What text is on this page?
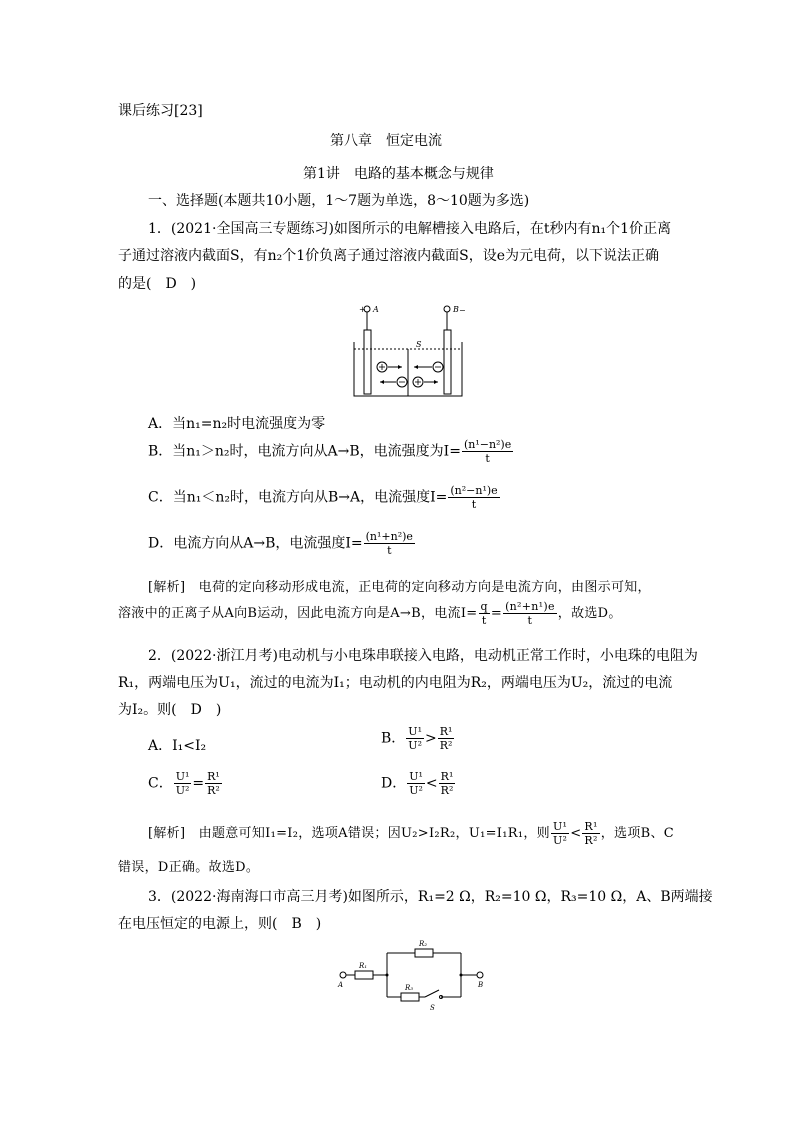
课后练习[23]
第八章　恒定电流
第1讲　电路的基本概念与规律
一、选择题(本题共10小题，1～7题为单选，8～10题为多选)
1．(2021·全国高三专题练习)如图所示的电解槽接入电路后，在t秒内有n₁个1价正离
子通过溶液内截面S，有n₂个1价负离子通过溶液内截面S，设e为元电荷，以下说法正确
的是(　D　)
+ A	B −
S
A．当n₁=n₂时电流强度为零
B．当n₁＞n₂时，电流方向从A→B，电流强度为$I= \frac{\text{(n¹−n²)e}}{t}$
C．当n₁＜n₂时，电流方向从B→A，电流强度$I= \frac{\text{(n²−n¹)e}}{t}$
D．电流方向从A→B，电流强度$I= \frac{\text{(n¹+n²)e}}{t}$
[解析]　电荷的定向移动形成电流，正电荷的定向移动方向是电流方向，由图示可知，
溶液中的正离子从A向B运动，因此电流方向是A→B，电流$I= \frac{q}{t} = \frac{\text{(n²+n¹)e}}{t}$ ，故选D。
2．(2022·浙江月考)电动机与小电珠串联接入电路，电动机正常工作时，小电珠的电阻为
R₁，两端电压为U₁，流过的电流为I₁；电动机的内电阻为R₂，两端电压为U₂，流过的电流
为I₂。则(　D　)
A．I₁<I₂	B． $\frac{\text{U¹}}{\text{U²}} > \frac{\text{R¹}}{\text{R²}}$
C． $\frac{\text{U¹}}{\text{U²}} = \frac{\text{R¹}}{\text{R²}}$	D． $\frac{\text{U¹}}{\text{U²}} < \frac{\text{R¹}}{\text{R²}}$
[解析]　由题意可知I₁=I₂，选项A错误；因U₂>I₂R₂，U₁=I₁R₁，则 $\frac{\text{U¹}}{\text{U²}} < \frac{\text{R¹}}{\text{R²}}$ ，选项B、C
错误，D正确。故选D。
3．(2022·海南海口市高三月考)如图所示，R₁=2 Ω，R₂=10 Ω，R₃=10 Ω，A、B两端接
在电压恒定的电源上，则(　B　)
A	B
R₁
R₂
R₃
S
